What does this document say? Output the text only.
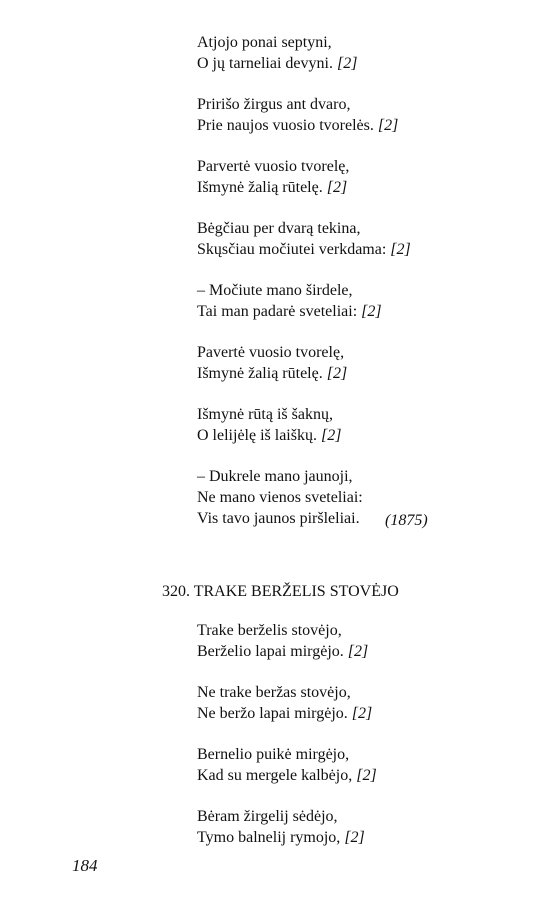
Atjojo ponai septyni,
O jų tarneliai devyni. [2]
Pririšo žirgus ant dvaro,
Prie naujos vuosio tvorelės. [2]
Parvertė vuosio tvorelę,
Išmynė žalią rūtelę. [2]
Bėgčiau per dvarą tekina,
Skųsčiau močiutei verkdama: [2]
– Močiute mano širdele,
Tai man padarė sveteliai: [2]
Pavertė vuosio tvorelę,
Išmynė žalią rūtelę. [2]
Išmynė rūtą iš šaknų,
O lelijėlę iš laiškų. [2]
– Dukrele mano jaunoji,
Ne mano vienos sveteliai:
Vis tavo jaunos piršleliai.	(1875)
320. TRAKE BERŽELIS STOVĖJO
Trake berželis stovėjo,
Berželio lapai mirgėjo. [2]
Ne trake beržas stovėjo,
Ne beržo lapai mirgėjo. [2]
Bernelio puikė mirgėjo,
Kad su mergele kalbėjo, [2]
Bėram žirgelij sėdėjo,
Tymo balnelij rymojo, [2]
184
